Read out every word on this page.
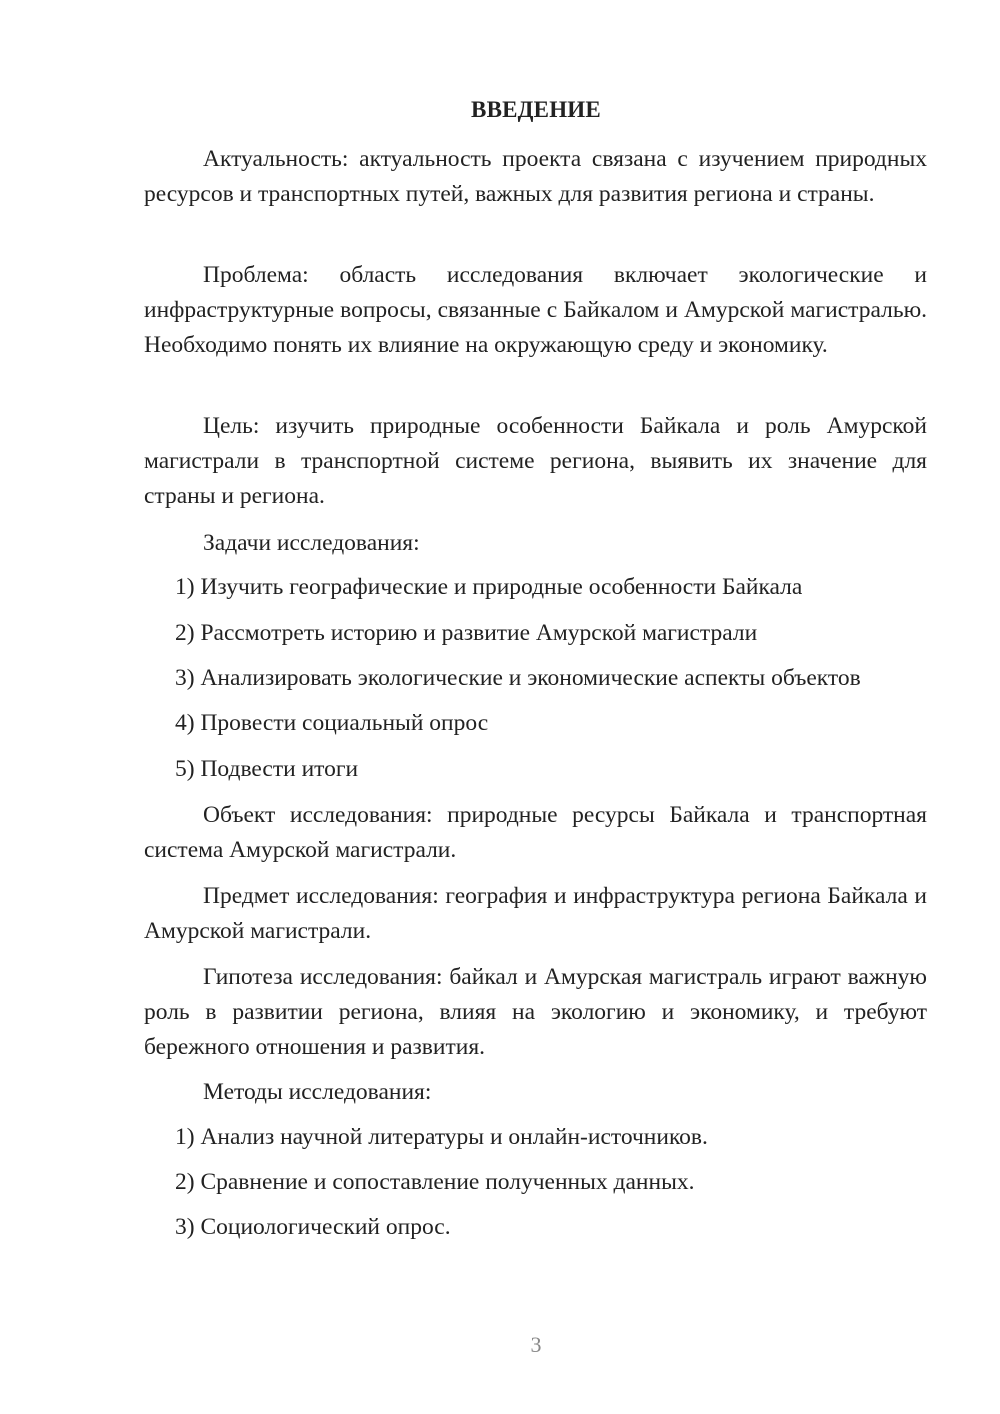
ВВЕДЕНИЕ

Актуальность: актуальность проекта связана с изучением природных ресурсов и транспортных путей, важных для развития региона и страны.

Проблема: область исследования включает экологические и инфраструктурные вопросы, связанные с Байкалом и Амурской магистралью. Необходимо понять их влияние на окружающую среду и экономику.

Цель: изучить природные особенности Байкала и роль Амурской магистрали в транспортной системе региона, выявить их значение для страны и региона.

Задачи исследования:

1) Изучить географические и природные особенности Байкала

2) Рассмотреть историю и развитие Амурской магистрали

3) Анализировать экологические и экономические аспекты объектов

4) Провести социальный опрос

5) Подвести итоги

Объект исследования: природные ресурсы Байкала и транспортная система Амурской магистрали.

Предмет исследования: география и инфраструктура региона Байкала и Амурской магистрали.

Гипотеза исследования: байкал и Амурская магистраль играют важную роль в развитии региона, влияя на экологию и экономику, и требуют бережного отношения и развития.

Методы исследования:

1) Анализ научной литературы и онлайн-источников.

2) Сравнение и сопоставление полученных данных.

3) Социологический опрос.

3
